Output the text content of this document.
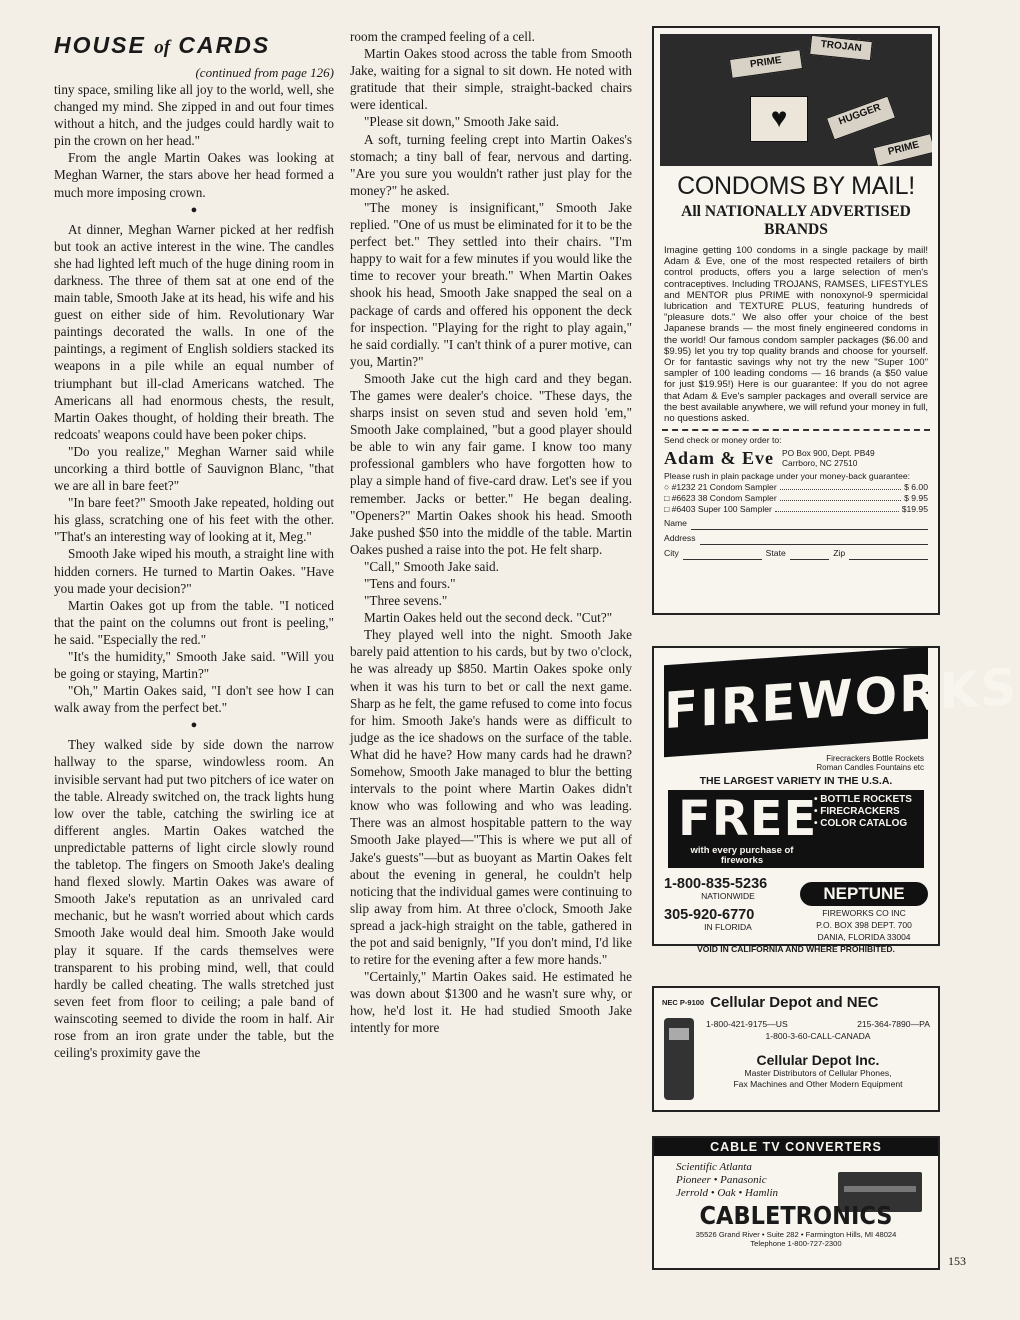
HOUSE of CARDS
(continued from page 126)

tiny space, smiling like all joy to the world, well, she changed my mind. She zipped in and out four times without a hitch, and the judges could hardly wait to pin the crown on her head."

From the angle Martin Oakes was looking at Meghan Warner, the stars above her head formed a much more imposing crown.

●

At dinner, Meghan Warner picked at her redfish but took an active interest in the wine. The candles she had lighted left much of the huge dining room in darkness. The three of them sat at one end of the main table, Smooth Jake at its head, his wife and his guest on either side of him. Revolutionary War paintings decorated the walls. In one of the paintings, a regiment of English soldiers stacked its weapons in a pile while an equal number of triumphant but ill-clad Americans watched. The Americans all had enormous chests, the result, Martin Oakes thought, of holding their breath. The redcoats' weapons could have been poker chips.

"Do you realize," Meghan Warner said while uncorking a third bottle of Sauvignon Blanc, "that we are all in bare feet?"

"In bare feet?" Smooth Jake repeated, holding out his glass, scratching one of his feet with the other. "That's an interesting way of looking at it, Meg."

Smooth Jake wiped his mouth, a straight line with hidden corners. He turned to Martin Oakes. "Have you made your decision?"

Martin Oakes got up from the table. "I noticed that the paint on the columns out front is peeling," he said. "Especially the red."

"It's the humidity," Smooth Jake said. "Will you be going or staying, Martin?"

"Oh," Martin Oakes said, "I don't see how I can walk away from the perfect bet."

●

They walked side by side down the narrow hallway to the sparse, windowless room. An invisible servant had put two pitchers of ice water on the table. Already switched on, the track lights hung low over the table, catching the swirling ice at different angles. Martin Oakes watched the unpredictable patterns of light circle slowly round the tabletop. The fingers on Smooth Jake's dealing hand flexed slowly. Martin Oakes was aware of Smooth Jake's reputation as an unrivaled card mechanic, but he wasn't worried about which cards Smooth Jake would deal him. Smooth Jake would play it square. If the cards themselves were transparent to his probing mind, well, that could hardly be called cheating. The walls stretched just seven feet from floor to ceiling; a pale band of wainscoting seemed to divide the room in half. Air rose from an iron grate under the table, but the ceiling's proximity gave the

room the cramped feeling of a cell.

Martin Oakes stood across the table from Smooth Jake, waiting for a signal to sit down. He noted with gratitude that their simple, straight-backed chairs were identical.

"Please sit down," Smooth Jake said.

A soft, turning feeling crept into Martin Oakes's stomach; a tiny ball of fear, nervous and darting. "Are you sure you wouldn't rather just play for the money?" he asked.

"The money is insignificant," Smooth Jake replied. "One of us must be eliminated for it to be the perfect bet." They settled into their chairs. "I'm happy to wait for a few minutes if you would like the time to recover your breath." When Martin Oakes shook his head, Smooth Jake snapped the seal on a package of cards and offered his opponent the deck for inspection. "Playing for the right to play again," he said cordially. "I can't think of a purer motive, can you, Martin?"

Smooth Jake cut the high card and they began. The games were dealer's choice. "These days, the sharps insist on seven stud and seven hold 'em," Smooth Jake complained, "but a good player should be able to win any fair game. I know too many professional gamblers who have forgotten how to play a simple hand of five-card draw. Let's see if you remember. Jacks or better." He began dealing. "Openers?" Martin Oakes shook his head. Smooth Jake pushed $50 into the middle of the table. Martin Oakes pushed a raise into the pot. He felt sharp.

"Call," Smooth Jake said.

"Tens and fours."

"Three sevens."

Martin Oakes held out the second deck. "Cut?"

They played well into the night. Smooth Jake barely paid attention to his cards, but by two o'clock, he was already up $850. Martin Oakes spoke only when it was his turn to bet or call the next game. Sharp as he felt, the game refused to come into focus for him. Smooth Jake's hands were as difficult to judge as the ice shadows on the surface of the table. What did he have? How many cards had he drawn? Somehow, Smooth Jake managed to blur the betting intervals to the point where Martin Oakes didn't know who was following and who was leading. There was an almost hospitable pattern to the way Smooth Jake played—"This is where we put all of Jake's guests"—but as buoyant as Martin Oakes felt about the evening in general, he couldn't help noticing that the individual games were continuing to slip away from him. At three o'clock, Smooth Jake spread a jack-high straight on the table, gathered in the pot and said benignly, "If you don't mind, I'd like to retire for the evening after a few more hands."

"Certainly," Martin Oakes said. He estimated he was down about $1300 and he wasn't sure why, or how, he'd lost it. He had studied Smooth Jake intently for more

PRIME
TROJAN
♥	HUGGER
PRIME
CONDOMS BY MAIL!
All NATIONALLY ADVERTISED BRANDS

Imagine getting 100 condoms in a single package by mail! Adam & Eve, one of the most respected retailers of birth control products, offers you a large selection of men's contraceptives. Including TROJANS, RAMSES, LIFESTYLES and MENTOR plus PRIME with nonoxynol-9 spermicidal lubrication and TEXTURE PLUS, featuring hundreds of "pleasure dots." We also offer your choice of the best Japanese brands — the most finely engineered condoms in the world! Our famous condom sampler packages ($6.00 and $9.95) let you try top quality brands and choose for yourself. Or for fantastic savings why not try the new "Super 100" sampler of 100 leading condoms — 16 brands (a $50 value for just $19.95!) Here is our guarantee: If you do not agree that Adam & Eve's sampler packages and overall service are the best available anywhere, we will refund your money in full, no questions asked.

Send check or money order to:
Adam & Eve PO Box 900, Dept. PB49
Carrboro, NC 27510
Please rush in plain package under your money-back guarantee:
○ #1232 21 Condom Sampler	$ 6.00
□ #6623 38 Condom Sampler	$ 9.95
□ #6403 Super 100 Sampler	$19.95
Name
Address
City	State	Zip
FIREWORKS
Firecrackers Bottle Rockets
Roman Candles Fountains etc
THE LARGEST VARIETY IN THE U.S.A.
FREE
• BOTTLE ROCKETS
• FIRECRACKERS
• COLOR CATALOG
with every purchase of fireworks
1-800-835-5236
NATIONWIDE
305-920-6770
IN FLORIDA
NEPTUNE
FIREWORKS CO INC
P.O. BOX 398 DEPT. 700
DANIA, FLORIDA 33004
VOID IN CALIFORNIA AND WHERE PROHIBITED.
NEC P-9100 Cellular Depot and NEC
1-800-421-9175—US	215-364-7890—PA
1-800-3-60-CALL-CANADA
Cellular Depot Inc.
Master Distributors of Cellular Phones,
Fax Machines and Other Modern Equipment
CABLE TV CONVERTERS
Scientific Atlanta
Pioneer • Panasonic
Jerrold • Oak • Hamlin
CABLETRONICS
35526 Grand River • Suite 282 • Farmington Hills, MI 48024
Telephone 1-800-727-2300
153
